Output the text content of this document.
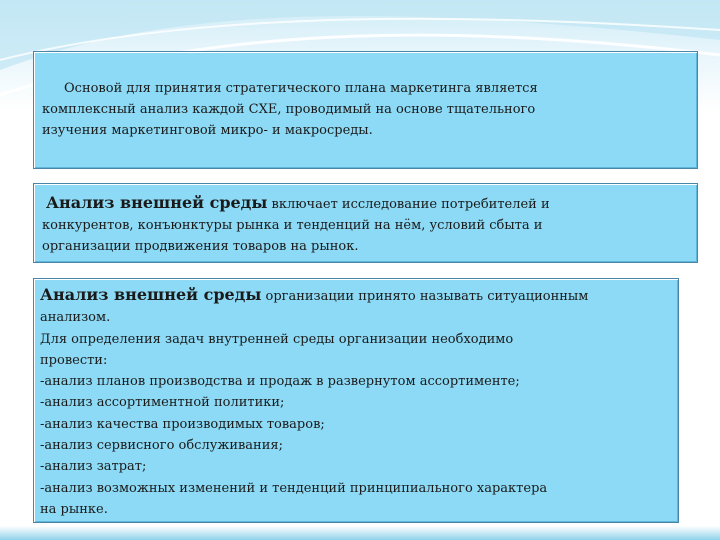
Основой для принятия стратегического плана маркетинга является
комплексный анализ каждой СХЕ, проводимый на основе тщательного
изучения маркетинговой микро- и макросреды.
Анализ внешней среды включает исследование потребителей и
конкурентов, конъюнктуры рынка и тенденций на нём, условий сбыта и
организации продвижения товаров на рынок.
Анализ внешней среды организации принято называть ситуационным
анализом.
Для определения задач внутренней среды организации необходимо
провести:
-анализ планов производства и продаж в развернутом ассортименте;
-анализ ассортиментной политики;
-анализ качества производимых товаров;
-анализ сервисного обслуживания;
-анализ затрат;
-анализ возможных изменений и тенденций принципиального характера
на рынке.
